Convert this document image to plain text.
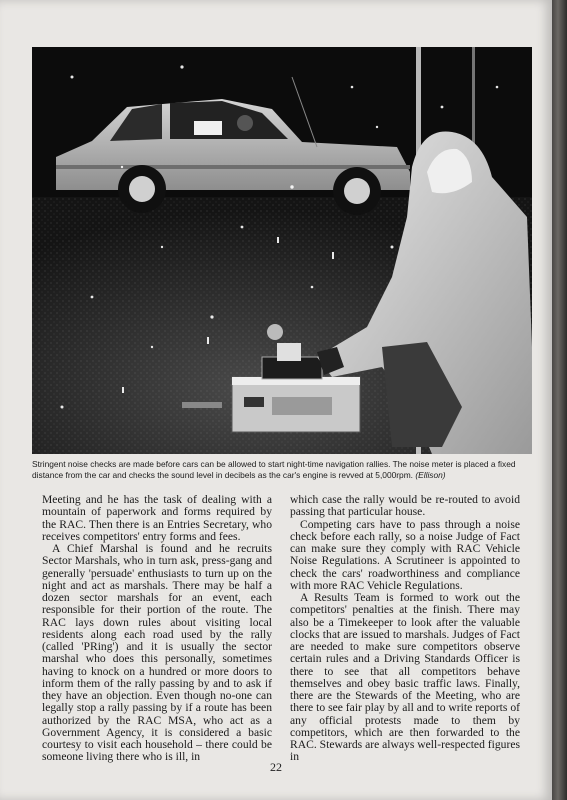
Stringent noise checks are made before cars can be allowed to start night-time navigation rallies. The noise meter is placed a fixed distance from the car and checks the sound level in decibels as the car's engine is revved at 5,000rpm. (Ellison)

Meeting and he has the task of dealing with a mountain of paperwork and forms required by the RAC. Then there is an Entries Secretary, who receives competitors' entry forms and fees.

A Chief Marshal is found and he recruits Sector Marshals, who in turn ask, press-gang and generally 'persuade' enthusiasts to turn up on the night and act as marshals. There may be half a dozen sector marshals for an event, each responsible for their portion of the route. The RAC lays down rules about visiting local residents along each road used by the rally (called 'PRing') and it is usually the sector marshal who does this personally, sometimes having to knock on a hundred or more doors to inform them of the rally passing by and to ask if they have an objection. Even though no-one can legally stop a rally passing by if a route has been authorized by the RAC MSA, who act as a Government Agency, it is considered a basic courtesy to visit each household – there could be someone living there who is ill, in

which case the rally would be re-routed to avoid passing that particular house.

Competing cars have to pass through a noise check before each rally, so a noise Judge of Fact can make sure they comply with RAC Vehicle Noise Regulations. A Scrutineer is appointed to check the cars' roadworthiness and compliance with more RAC Vehicle Regulations.

A Results Team is formed to work out the competitors' penalties at the finish. There may also be a Timekeeper to look after the valuable clocks that are issued to marshals. Judges of Fact are needed to make sure competitors observe certain rules and a Driving Standards Officer is there to see that all competitors behave themselves and obey basic traffic laws. Finally, there are the Stewards of the Meeting, who are there to see fair play by all and to write reports of any official protests made to them by competitors, which are then forwarded to the RAC. Stewards are always well-respected figures in

22
